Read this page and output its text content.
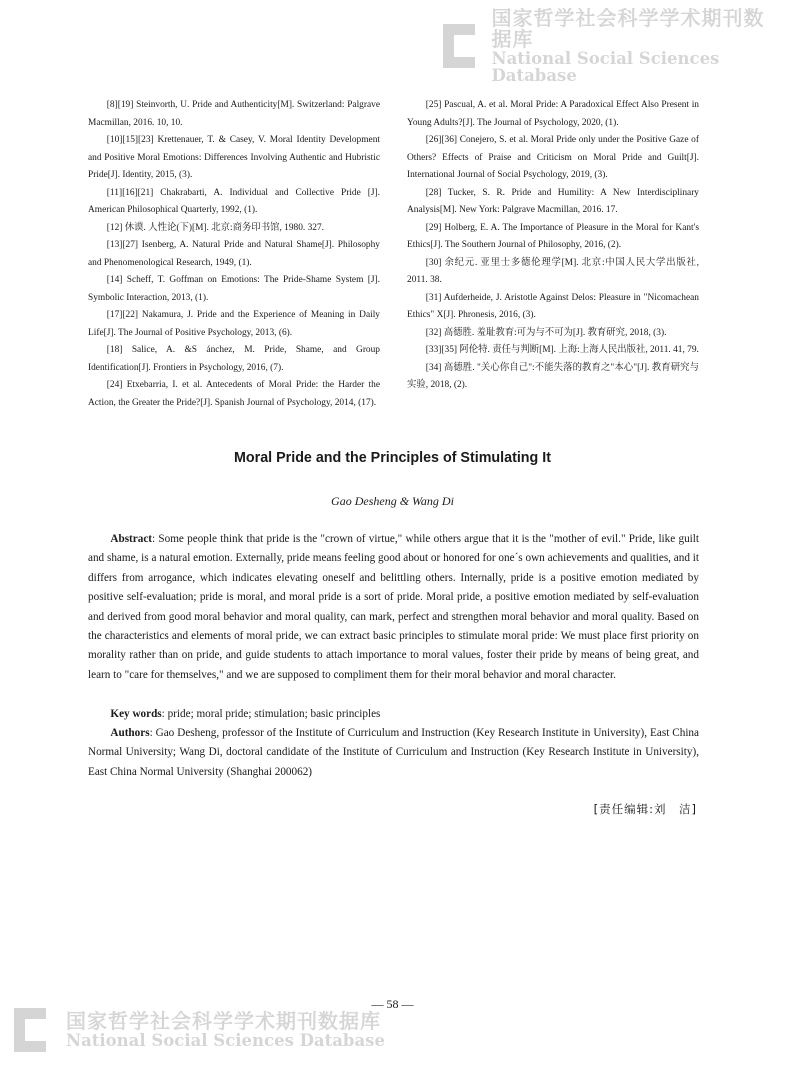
国家哲学社会科学学术期刊数据库
National Social Sciences Database

[8][19] Steinvorth, U. Pride and Authenticity[M]. Switzerland: Palgrave Macmillan, 2016. 10, 10.

[10][15][23] Krettenauer, T. & Casey, V. Moral Identity Development and Positive Moral Emotions: Differences Involving Authentic and Hubristic Pride[J]. Identity, 2015, (3).

[11][16][21] Chakrabarti, A. Individual and Collective Pride [J]. American Philosophical Quarterly, 1992, (1).

[12] 休谟. 人性论(下)[M]. 北京:商务印书馆, 1980. 327.

[13][27] Isenberg, A. Natural Pride and Natural Shame[J]. Philosophy and Phenomenological Research, 1949, (1).

[14] Scheff, T. Goffman on Emotions: The Pride-Shame System [J]. Symbolic Interaction, 2013, (1).

[17][22] Nakamura, J. Pride and the Experience of Meaning in Daily Life[J]. The Journal of Positive Psychology, 2013, (6).

[18] Salice, A. &S ánchez, M. Pride, Shame, and Group Identification[J]. Frontiers in Psychology, 2016, (7).

[24] Etxebarria, I. et al. Antecedents of Moral Pride: the Harder the Action, the Greater the Pride?[J]. Spanish Journal of Psychology, 2014, (17).

[25] Pascual, A. et al. Moral Pride: A Paradoxical Effect Also Present in Young Adults?[J]. The Journal of Psychology, 2020, (1).

[26][36] Conejero, S. et al. Moral Pride only under the Positive Gaze of Others? Effects of Praise and Criticism on Moral Pride and Guilt[J]. International Journal of Social Psychology, 2019, (3).

[28] Tucker, S. R. Pride and Humility: A New Interdisciplinary Analysis[M]. New York: Palgrave Macmillan, 2016. 17.

[29] Holberg, E. A. The Importance of Pleasure in the Moral for Kant's Ethics[J]. The Southern Journal of Philosophy, 2016, (2).

[30] 余纪元. 亚里士多德伦理学[M]. 北京:中国人民大学出版社, 2011. 38.

[31] Aufderheide, J. Aristotle Against Delos: Pleasure in "Nicomachean Ethics" X[J]. Phronesis, 2016, (3).

[32] 高德胜. 羞耻教育:可为与不可为[J]. 教育研究, 2018, (3).

[33][35] 阿伦特. 责任与判断[M]. 上海:上海人民出版社, 2011. 41, 79.

[34] 高德胜. "关心你自己":不能失落的教育之"本心"[J]. 教育研究与实验, 2018, (2).

Moral Pride and the Principles of Stimulating It
Gao Desheng & Wang Di

Abstract: Some people think that pride is the "crown of virtue," while others argue that it is the "mother of evil." Pride, like guilt and shame, is a natural emotion. Externally, pride means feeling good about or honored for one´s own achievements and qualities, and it differs from arrogance, which indicates elevating oneself and belittling others. Internally, pride is a positive emotion mediated by positive self-evaluation; pride is moral, and moral pride is a sort of pride. Moral pride, a positive emotion mediated by self-evaluation and derived from good moral behavior and moral quality, can mark, perfect and strengthen moral behavior and moral quality. Based on the characteristics and elements of moral pride, we can extract basic principles to stimulate moral pride: We must place first priority on morality rather than on pride, and guide students to attach importance to moral values, foster their pride by means of being great, and learn to "care for themselves," and we are supposed to compliment them for their moral behavior and moral character.

Key words: pride; moral pride; stimulation; basic principles

Authors: Gao Desheng, professor of the Institute of Curriculum and Instruction (Key Research Institute in University), East China Normal University; Wang Di, doctoral candidate of the Institute of Curriculum and Instruction (Key Research Institute in University), East China Normal University (Shanghai 200062)

[责任编辑:刘　洁]
— 58 —
国家哲学社会科学学术期刊数据库
National Social Sciences Database
